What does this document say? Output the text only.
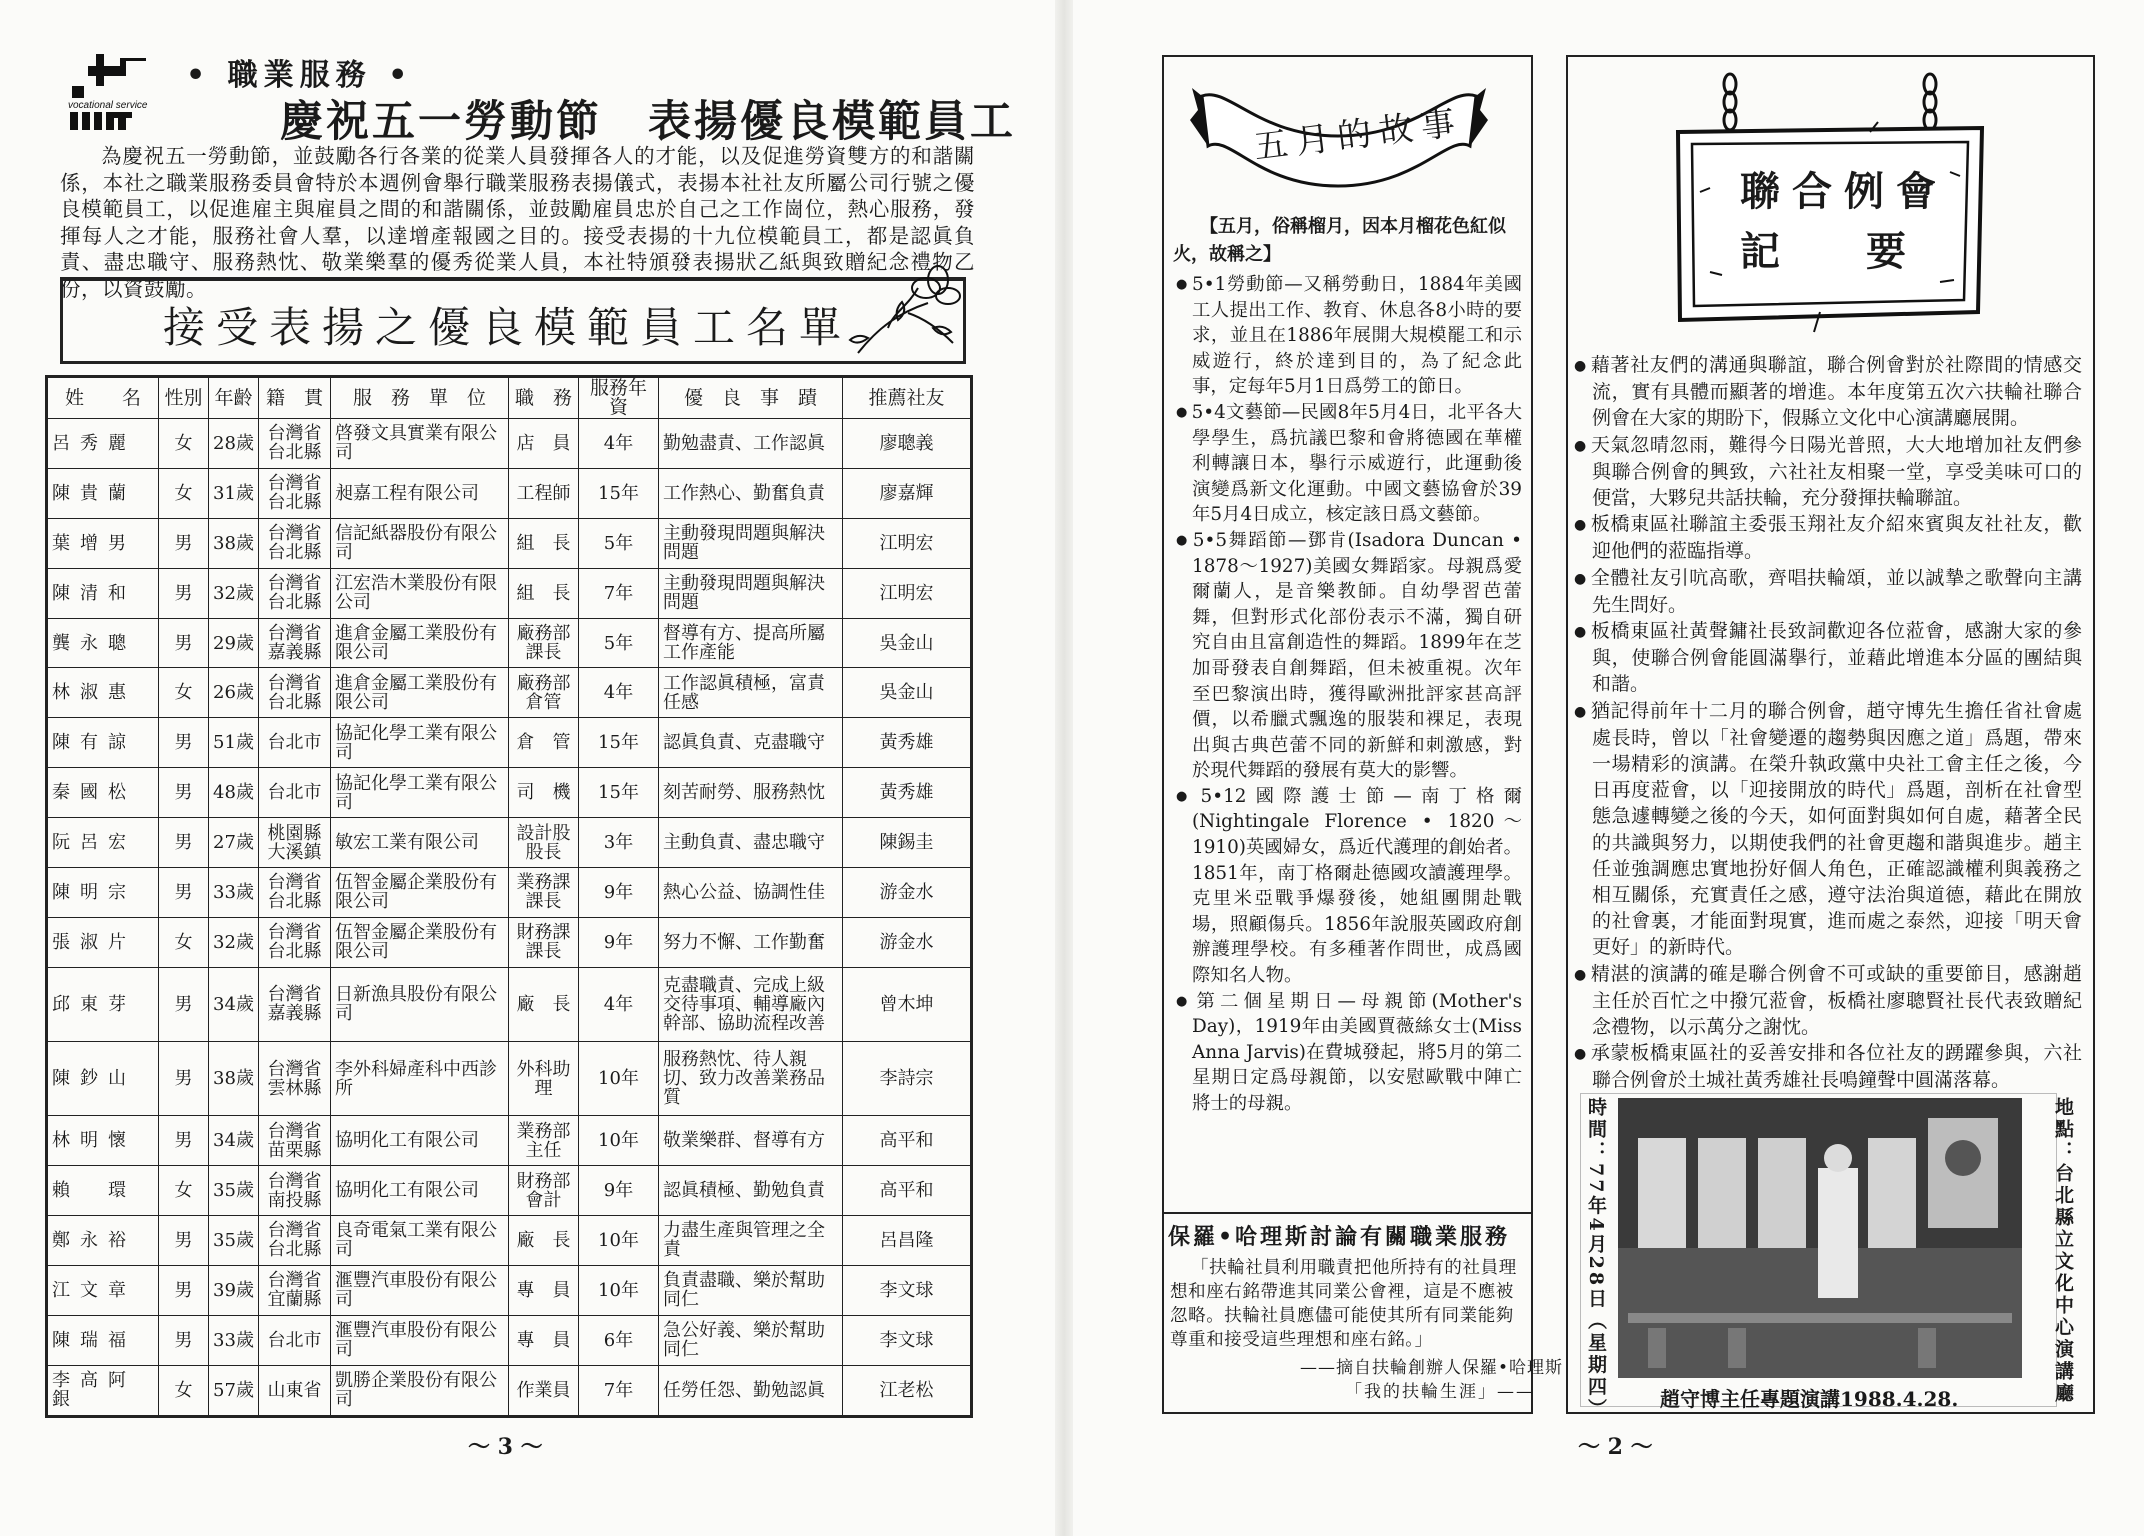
vocational service
• 職業服務 •
慶祝五一勞動節　表揚優良模範員工
為慶祝五一勞動節，並鼓勵各行各業的從業人員發揮各人的才能，以及促進勞資雙方的和諧關係，本社之職業服務委員會特於本週例會舉行職業服務表揚儀式，表揚本社社友所屬公司行號之優良模範員工，以促進雇主與雇員之間的和諧關係，並鼓勵雇員忠於自己之工作崗位，熱心服務，發揮每人之才能，服務社會人羣，以達增產報國之目的。接受表揚的十九位模範員工，都是認眞負責、盡忠職守、服務熱忱、敬業樂羣的優秀從業人員，本社特頒發表揚狀乙紙與致贈紀念禮物乙份，以資鼓勵。
接受表揚之優良模範員工名單
姓　　名	性別	年齡	籍　貫	服　務　單　位	職　務	服務年資	優　良　事　蹟	推薦社友
呂秀麗	女	28歲	台灣省台北縣	啓發文具實業有限公司	店　員	4年	勤勉盡責、工作認眞	廖聰義
陳貴蘭	女	31歲	台灣省台北縣	昶嘉工程有限公司	工程師	15年	工作熱心、勤奮負責	廖嘉輝
葉增男	男	38歲	台灣省台北縣	信記紙器股份有限公司	組　長	5年	主動發現問題與解決問題	江明宏
陳清和	男	32歲	台灣省台北縣	江宏浩木業股份有限公司	組　長	7年	主動發現問題與解決問題	江明宏
龔永聰	男	29歲	台灣省嘉義縣	進倉金屬工業股份有限公司	廠務部課長	5年	督導有方、提高所屬工作產能	吳金山
林淑惠	女	26歲	台灣省台北縣	進倉金屬工業股份有限公司	廠務部倉管	4年	工作認眞積極，富責任感	吳金山
陳有諒	男	51歲	台北市	協記化學工業有限公司	倉　管	15年	認眞負責、克盡職守	黃秀雄
秦國松	男	48歲	台北市	協記化學工業有限公司	司　機	15年	刻苦耐勞、服務熱忱	黃秀雄
阮呂宏	男	27歲	桃園縣大溪鎮	敏宏工業有限公司	設計股股長	3年	主動負責、盡忠職守	陳錫圭
陳明宗	男	33歲	台灣省台北縣	伍智金屬企業股份有限公司	業務課課長	9年	熱心公益、協調性佳	游金水
張淑片	女	32歲	台灣省台北縣	伍智金屬企業股份有限公司	財務課課長	9年	努力不懈、工作勤奮	游金水
邱東芽	男	34歲	台灣省嘉義縣	日新漁具股份有限公司	廠　長	4年	克盡職責、完成上級交待事項、輔導廠內幹部、協助流程改善	曾木坤
陳鈔山	男	38歲	台灣省雲林縣	李外科婦產科中西診所	外科助理	10年	服務熱忱、待人親切、致力改善業務品質	李詩宗
林明懷	男	34歲	台灣省苗栗縣	協明化工有限公司	業務部主任	10年	敬業樂群、督導有方	高平和
賴　環	女	35歲	台灣省南投縣	協明化工有限公司	財務部會計	9年	認眞積極、勤勉負責	高平和
鄭永裕	男	35歲	台灣省台北縣	良奇電氣工業有限公司	廠　長	10年	力盡生產與管理之全責	呂昌隆
江文章	男	39歲	台灣省宜蘭縣	滙豐汽車股份有限公司	專　員	10年	負責盡職、樂於幫助同仁	李文球
陳瑞福	男	33歲	台北市	滙豐汽車股份有限公司	專　員	6年	急公好義、樂於幫助同仁	李文球
李高阿銀	女	57歲	山東省	凱勝企業股份有限公司	作業員	7年	任勞任怨、勤勉認眞	江老松
～ 3 ～
五月的故事
【五月，俗稱榴月，因本月榴花色紅似火，故稱之】
● 5•1勞動節—又稱勞動日，1884年美國工人提出工作、教育、休息各8小時的要求，並且在1886年展開大規模罷工和示威遊行，終於達到目的，為了紀念此事，定每年5月1日爲勞工的節日。
● 5•4文藝節—民國8年5月4日，北平各大學學生，爲抗議巴黎和會將德國在華權利轉讓日本，擧行示威遊行，此運動後演變爲新文化運動。中國文藝協會於39年5月4日成立，核定該日爲文藝節。
● 5•5舞蹈節—鄧肯(Isadora Duncan • 1878～1927)美國女舞蹈家。母親爲愛爾蘭人，是音樂教師。自幼學習芭蕾舞，但對形式化部份表示不滿，獨自研究自由且富創造性的舞蹈。1899年在芝加哥發表自創舞蹈，但未被重視。次年至巴黎演出時，獲得歐洲批評家甚高評價，以希臘式飄逸的服裝和裸足，表現出與古典芭蕾不同的新鮮和刺激感，對於現代舞蹈的發展有莫大的影響。
● 5•12國際護士節—南丁格爾(Nightingale Florence • 1820～1910)英國婦女，爲近代護理的創始者。1851年，南丁格爾赴德國攻讀護理學。克里米亞戰爭爆發後，她組團開赴戰場，照顧傷兵。1856年說服英國政府創辦護理學校。有多種著作問世，成爲國際知名人物。
● 第二個星期日—母親節(Mother's Day)，1919年由美國賈薇絲女士(Miss Anna Jarvis)在費城發起，將5月的第二星期日定爲母親節，以安慰歐戰中陣亡將士的母親。
保羅•哈理斯討論有關職業服務
「扶輪社員利用職責把他所持有的社員理想和座右銘帶進其同業公會裡，這是不應被忽略。扶輪社員應儘可能使其所有同業能夠尊重和接受這些理想和座右銘。」
——摘自扶輪創辦人保羅•哈理斯
「我的扶輪生涯」——
聯合例會
記要
● 藉著社友們的溝通與聯誼，聯合例會對於社際間的情感交流，實有具體而顯著的增進。本年度第五次六扶輪社聯合例會在大家的期盼下，假縣立文化中心演講廳展開。
● 天氣忽晴忽雨，難得今日陽光普照，大大地增加社友們參與聯合例會的興致，六社社友相聚一堂，享受美味可口的便當，大夥兒共話扶輪，充分發揮扶輪聯誼。
● 板橋東區社聯誼主委張玉翔社友介紹來賓與友社社友，歡迎他們的蒞臨指導。
● 全體社友引吭高歌，齊唱扶輪頌，並以誠摯之歌聲向主講先生問好。
● 板橋東區社黃聲鏞社長致詞歡迎各位蒞會，感謝大家的參與，使聯合例會能圓滿擧行，並藉此增進本分區的團結與和諧。
● 猶記得前年十二月的聯合例會，趙守博先生擔任省社會處處長時，曾以「社會變遷的趨勢與因應之道」爲題，帶來一場精彩的演講。在榮升執政黨中央社工會主任之後，今日再度蒞會，以「迎接開放的時代」爲題，剖析在社會型態急遽轉變之後的今天，如何面對與如何自處，藉著全民的共識與努力，以期使我們的社會更趨和諧與進步。趙主任並強調應忠實地扮好個人角色，正確認識權利與義務之相互關係，充實責任之感，遵守法治與道德，藉此在開放的社會裏，才能面對現實，進而處之泰然，迎接「明天會更好」的新時代。
● 精湛的演講的確是聯合例會不可或缺的重要節目，感謝趙主任於百忙之中撥冗蒞會，板橋社廖聰賢社長代表致贈紀念禮物，以示萬分之謝忱。
● 承蒙板橋東區社的妥善安排和各位社友的踴躍參與，六社聯合例會於土城社黃秀雄社長鳴鐘聲中圓滿落幕。
時間：77年4月28日（星期四）	趙守博主任專題演講1988.4.28.	地點：台北縣立文化中心演講廳
～ 2 ～
